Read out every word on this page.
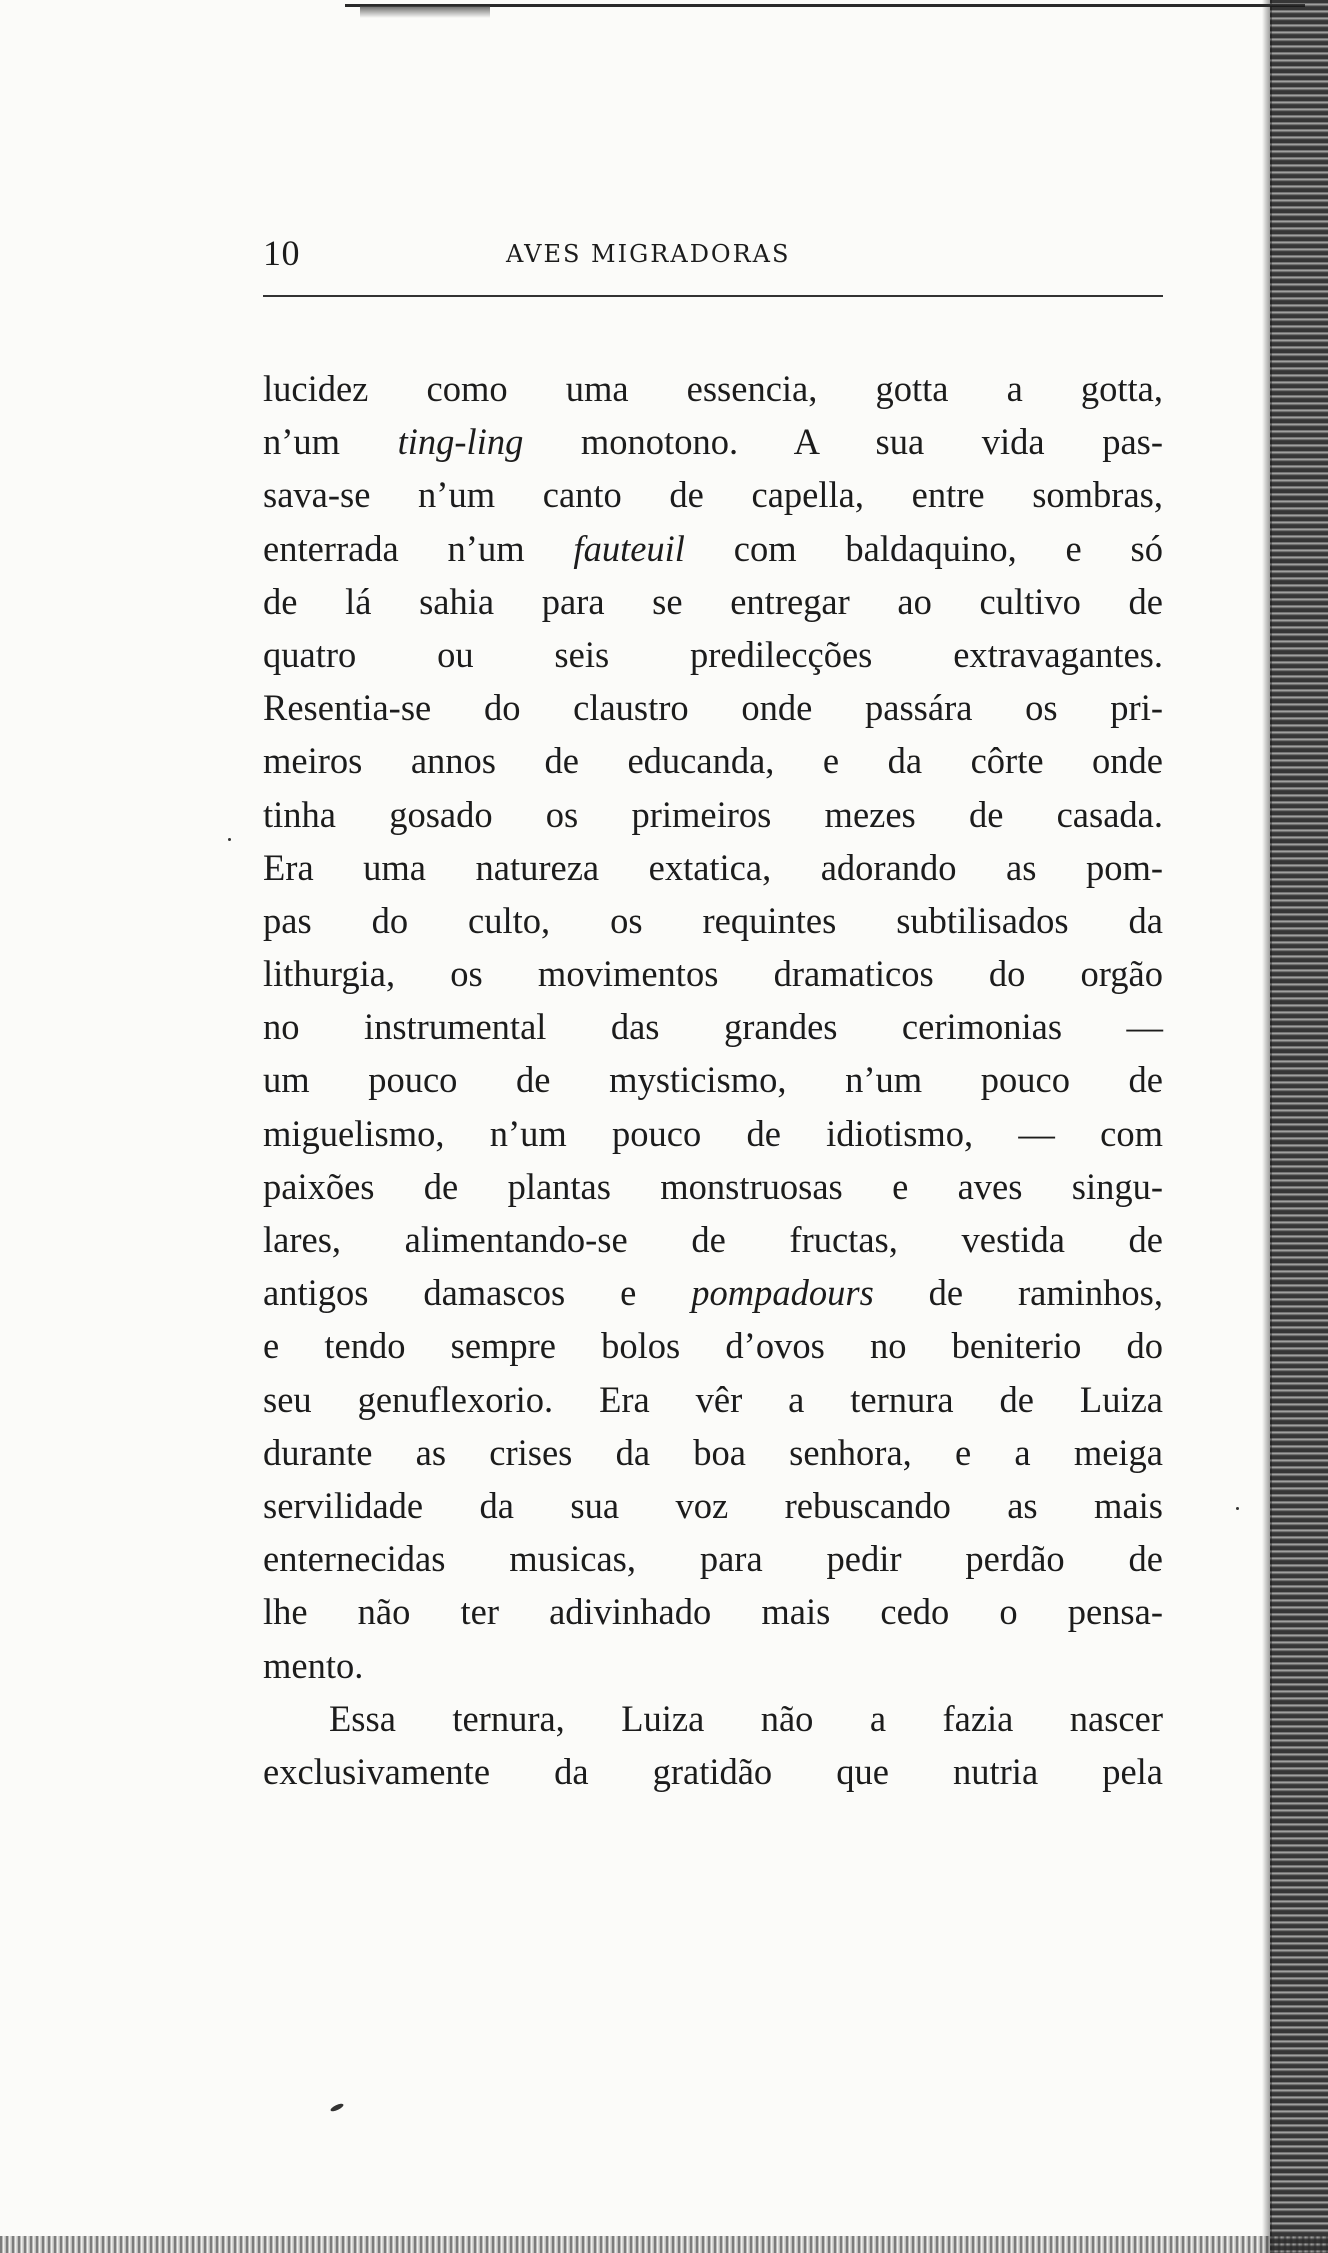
10	AVES MIGRADORAS
lucidez como uma essencia, gotta a gotta,
n’um ting-ling monotono. A sua vida pas-
sava-se n’um canto de capella, entre sombras,
enterrada n’um fauteuil com baldaquino, e só
de lá sahia para se entregar ao cultivo de
quatro ou seis predilecções extravagantes.
Resentia-se do claustro onde passára os pri-
meiros annos de educanda, e da côrte onde
tinha gosado os primeiros mezes de casada.
Era uma natureza extatica, adorando as pom-
pas do culto, os requintes subtilisados da
lithurgia, os movimentos dramaticos do orgão
no instrumental das grandes cerimonias —
um pouco de mysticismo, n’um pouco de
miguelismo, n’um pouco de idiotismo, — com
paixões de plantas monstruosas e aves singu-
lares, alimentando-se de fructas, vestida de
antigos damascos e pompadours de raminhos,
e tendo sempre bolos d’ovos no beniterio do
seu genuflexorio. Era vêr a ternura de Luiza
durante as crises da boa senhora, e a meiga
servilidade da sua voz rebuscando as mais
enternecidas musicas, para pedir perdão de
lhe não ter adivinhado mais cedo o pensa-
mento.
Essa ternura, Luiza não a fazia nascer
exclusivamente da gratidão que nutria pela
